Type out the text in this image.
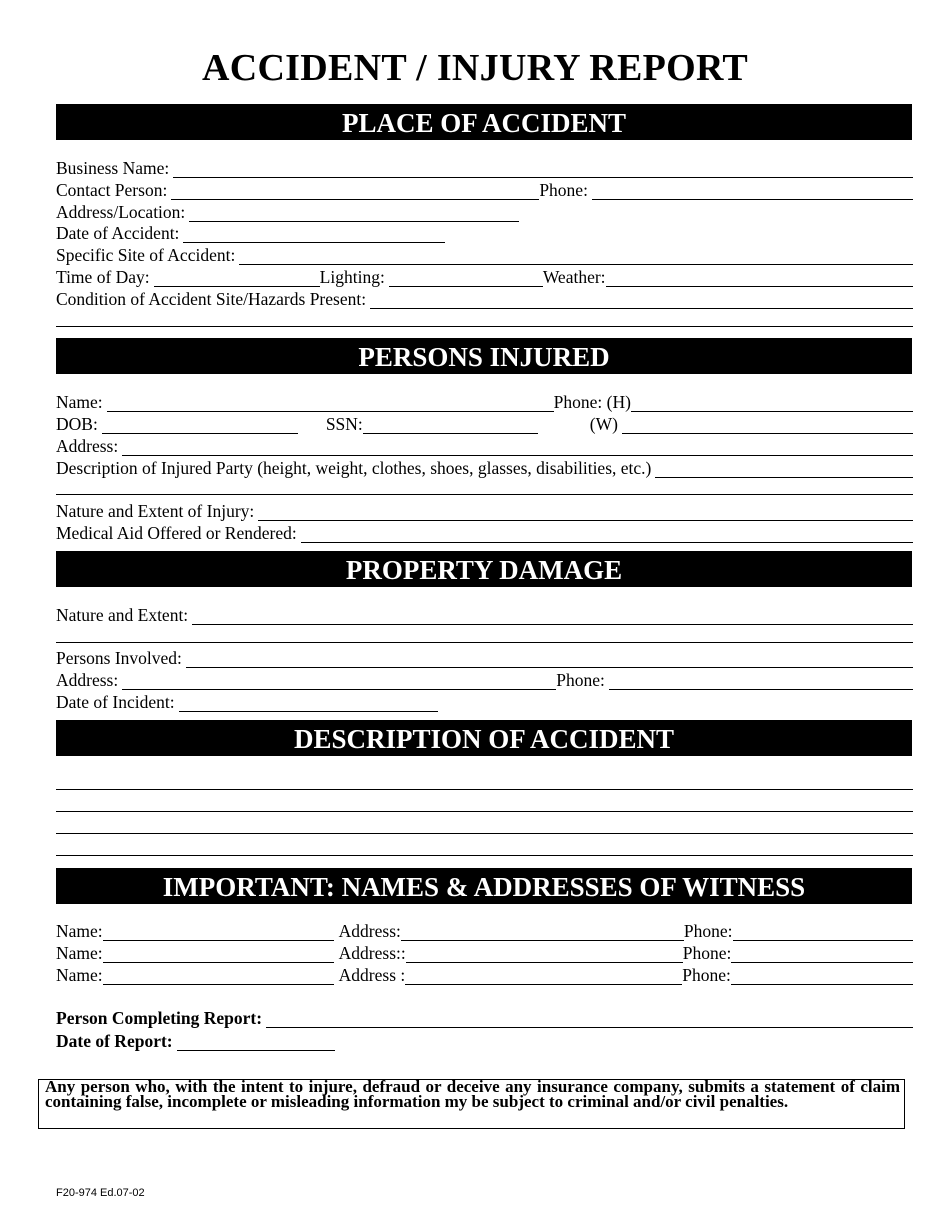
ACCIDENT / INJURY REPORT
PLACE OF ACCIDENT
Business Name:
Contact Person:	Phone:
Address/Location:
Date of Accident:
Specific Site of Accident:
Time of Day:	Lighting:	Weather:
Condition of Accident Site/Hazards Present:
PERSONS INJURED
Name:	Phone: (H)
DOB:	SSN:	(W)
Address:
Description of Injured Party (height, weight, clothes, shoes, glasses, disabilities, etc.)
Nature and Extent of Injury:
Medical Aid Offered or Rendered:
PROPERTY DAMAGE
Nature and Extent:
Persons Involved:
Address:	Phone:
Date of Incident:
DESCRIPTION OF ACCIDENT
IMPORTANT: NAMES & ADDRESSES OF WITNESS
Name:	Address:	Phone:
Name:	Address::	Phone:
Name:	Address :	Phone:
Person Completing Report:
Date of Report:
Any person who, with the intent to injure, defraud or deceive any insurance company, submits a statement of claim containing false, incomplete or misleading information my be subject to criminal and/or civil penalties.
F20-974 Ed.07-02
